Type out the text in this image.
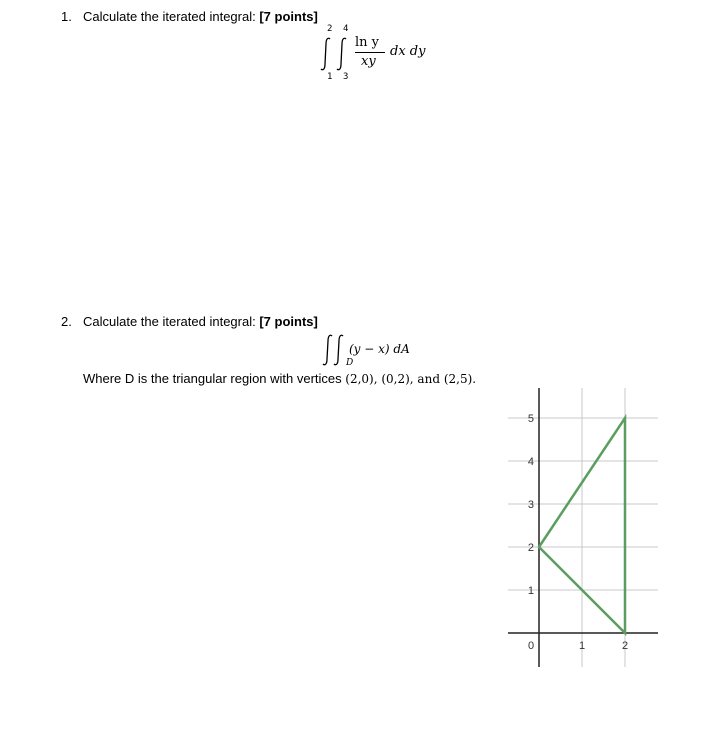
1. Calculate the iterated integral: [7 points]
2 4
1 3
ln y
xy
dx dy
2. Calculate the iterated integral: [7 points]
D
(y − x) dA
Where D is the triangular region with vertices (2,0), (0,2), and (2,5).
0	1	2
1
2
3
4
5
